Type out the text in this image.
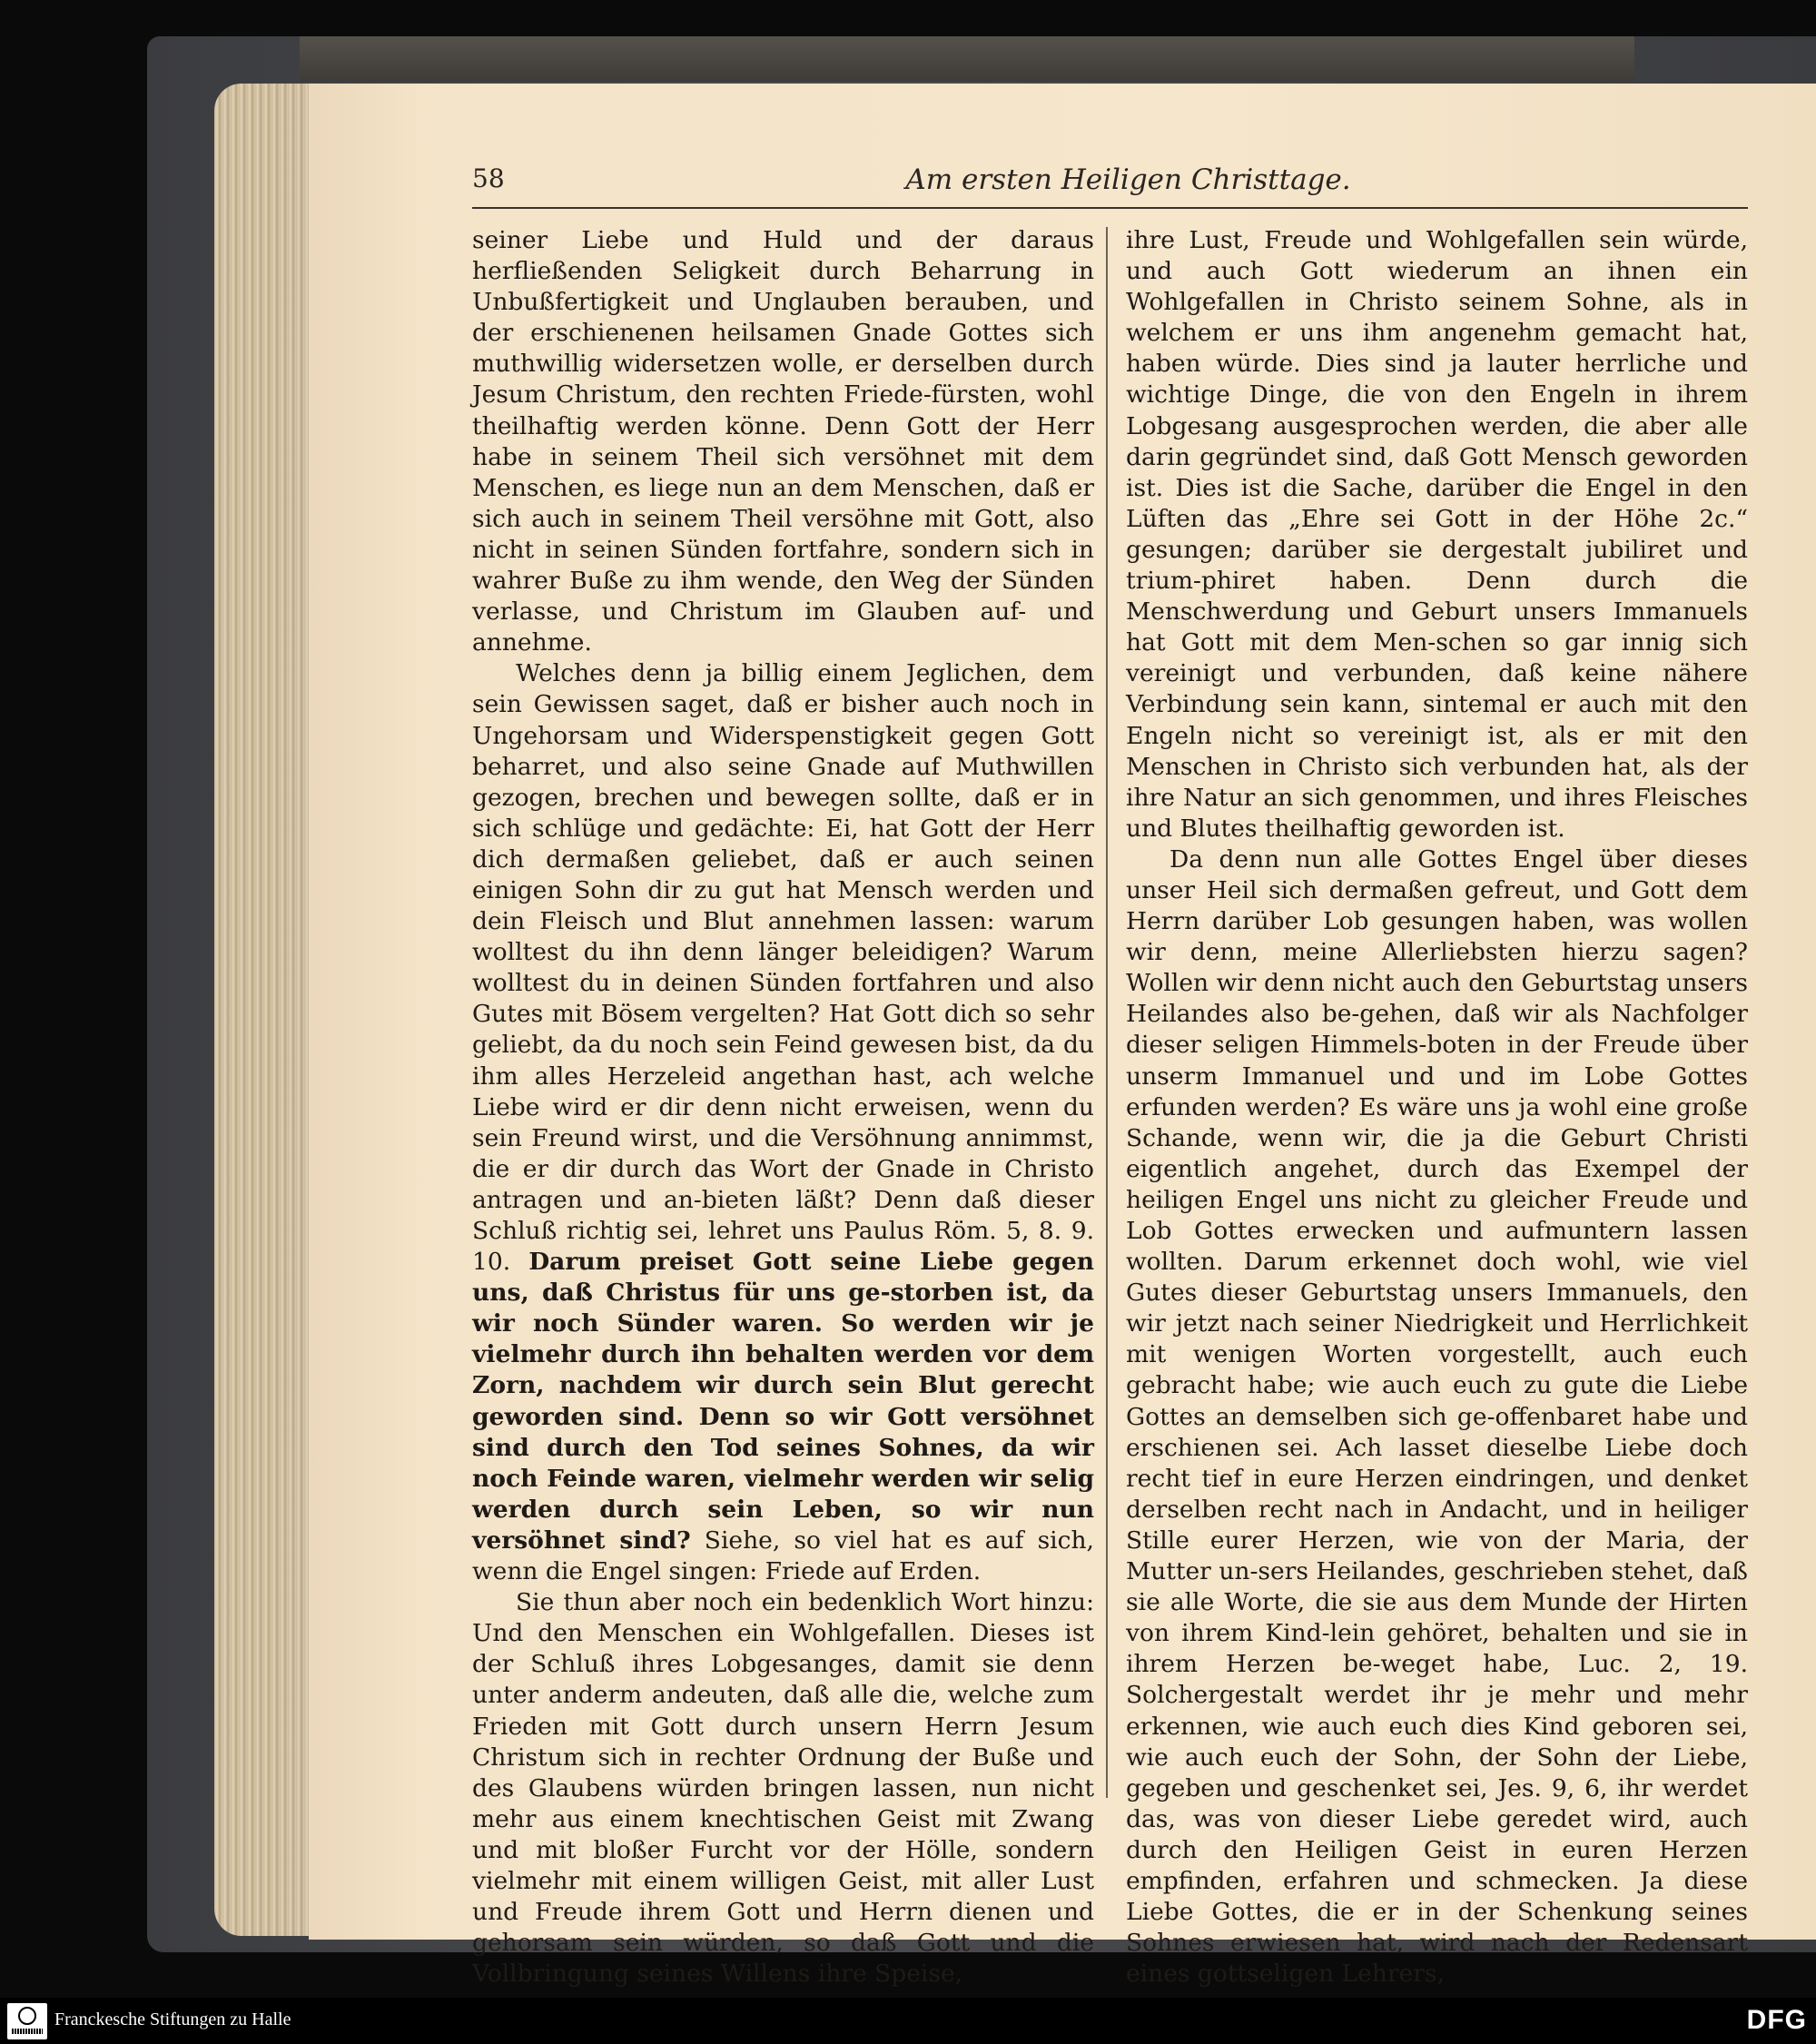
58	Am ersten Heiligen Christtage.

seiner Liebe und Huld und der daraus herfließenden Seligkeit durch Beharrung in Unbußfertigkeit und Unglauben berauben, und der erschienenen heilsamen Gnade Gottes sich muthwillig widersetzen wolle, er derselben durch Jesum Christum, den rechten Friede-fürsten, wohl theilhaftig werden könne. Denn Gott der Herr habe in seinem Theil sich versöhnet mit dem Menschen, es liege nun an dem Menschen, daß er sich auch in seinem Theil versöhne mit Gott, also nicht in seinen Sünden fortfahre, sondern sich in wahrer Buße zu ihm wende, den Weg der Sünden verlasse, und Christum im Glauben auf- und annehme.

Welches denn ja billig einem Jeglichen, dem sein Gewissen saget, daß er bisher auch noch in Ungehorsam und Widerspenstigkeit gegen Gott beharret, und also seine Gnade auf Muthwillen gezogen, brechen und bewegen sollte, daß er in sich schlüge und gedächte: Ei, hat Gott der Herr dich dermaßen geliebet, daß er auch seinen einigen Sohn dir zu gut hat Mensch werden und dein Fleisch und Blut annehmen lassen: warum wolltest du ihn denn länger beleidigen? Warum wolltest du in deinen Sünden fortfahren und also Gutes mit Bösem vergelten? Hat Gott dich so sehr geliebt, da du noch sein Feind gewesen bist, da du ihm alles Herzeleid angethan hast, ach welche Liebe wird er dir denn nicht erweisen, wenn du sein Freund wirst, und die Versöhnung annimmst, die er dir durch das Wort der Gnade in Christo antragen und an-bieten läßt? Denn daß dieser Schluß richtig sei, lehret uns Paulus Röm. 5, 8. 9. 10. Darum preiset Gott seine Liebe gegen uns, daß Christus für uns ge-storben ist, da wir noch Sünder waren. So werden wir je vielmehr durch ihn behalten werden vor dem Zorn, nachdem wir durch sein Blut gerecht geworden sind. Denn so wir Gott versöhnet sind durch den Tod seines Sohnes, da wir noch Feinde waren, vielmehr werden wir selig werden durch sein Leben, so wir nun versöhnet sind? Siehe, so viel hat es auf sich, wenn die Engel singen: Friede auf Erden.

Sie thun aber noch ein bedenklich Wort hinzu: Und den Menschen ein Wohlgefallen. Dieses ist der Schluß ihres Lobgesanges, damit sie denn unter anderm andeuten, daß alle die, welche zum Frieden mit Gott durch unsern Herrn Jesum Christum sich in rechter Ordnung der Buße und des Glaubens würden bringen lassen, nun nicht mehr aus einem knechtischen Geist mit Zwang und mit bloßer Furcht vor der Hölle, sondern vielmehr mit einem willigen Geist, mit aller Lust und Freude ihrem Gott und Herrn dienen und gehorsam sein würden, so daß Gott und die Vollbringung seines Willens ihre Speise,

ihre Lust, Freude und Wohlgefallen sein würde, und auch Gott wiederum an ihnen ein Wohlgefallen in Christo seinem Sohne, als in welchem er uns ihm angenehm gemacht hat, haben würde. Dies sind ja lauter herrliche und wichtige Dinge, die von den Engeln in ihrem Lobgesang ausgesprochen werden, die aber alle darin gegründet sind, daß Gott Mensch geworden ist. Dies ist die Sache, darüber die Engel in den Lüften das „Ehre sei Gott in der Höhe 2c.“ gesungen; darüber sie dergestalt jubiliret und trium-phiret haben. Denn durch die Menschwerdung und Geburt unsers Immanuels hat Gott mit dem Men-schen so gar innig sich vereinigt und verbunden, daß keine nähere Verbindung sein kann, sintemal er auch mit den Engeln nicht so vereinigt ist, als er mit den Menschen in Christo sich verbunden hat, als der ihre Natur an sich genommen, und ihres Fleisches und Blutes theilhaftig geworden ist.

Da denn nun alle Gottes Engel über dieses unser Heil sich dermaßen gefreut, und Gott dem Herrn darüber Lob gesungen haben, was wollen wir denn, meine Allerliebsten hierzu sagen? Wollen wir denn nicht auch den Geburtstag unsers Heilandes also be-gehen, daß wir als Nachfolger dieser seligen Himmels-boten in der Freude über unserm Immanuel und und im Lobe Gottes erfunden werden? Es wäre uns ja wohl eine große Schande, wenn wir, die ja die Geburt Christi eigentlich angehet, durch das Exempel der heiligen Engel uns nicht zu gleicher Freude und Lob Gottes erwecken und aufmuntern lassen wollten. Darum erkennet doch wohl, wie viel Gutes dieser Geburtstag unsers Immanuels, den wir jetzt nach seiner Niedrigkeit und Herrlichkeit mit wenigen Worten vorgestellt, auch euch gebracht habe; wie auch euch zu gute die Liebe Gottes an demselben sich ge-offenbaret habe und erschienen sei. Ach lasset dieselbe Liebe doch recht tief in eure Herzen eindringen, und denket derselben recht nach in Andacht, und in heiliger Stille eurer Herzen, wie von der Maria, der Mutter un-sers Heilandes, geschrieben stehet, daß sie alle Worte, die sie aus dem Munde der Hirten von ihrem Kind-lein gehöret, behalten und sie in ihrem Herzen be-weget habe, Luc. 2, 19. Solchergestalt werdet ihr je mehr und mehr erkennen, wie auch euch dies Kind geboren sei, wie auch euch der Sohn, der Sohn der Liebe, gegeben und geschenket sei, Jes. 9, 6, ihr werdet das, was von dieser Liebe geredet wird, auch durch den Heiligen Geist in euren Herzen empfinden, erfahren und schmecken. Ja diese Liebe Gottes, die er in der Schenkung seines Sohnes erwiesen hat, wird nach der Redensart eines gottseligen Lehrers,

Franckesche Stiftungen zu Halle	DFG
